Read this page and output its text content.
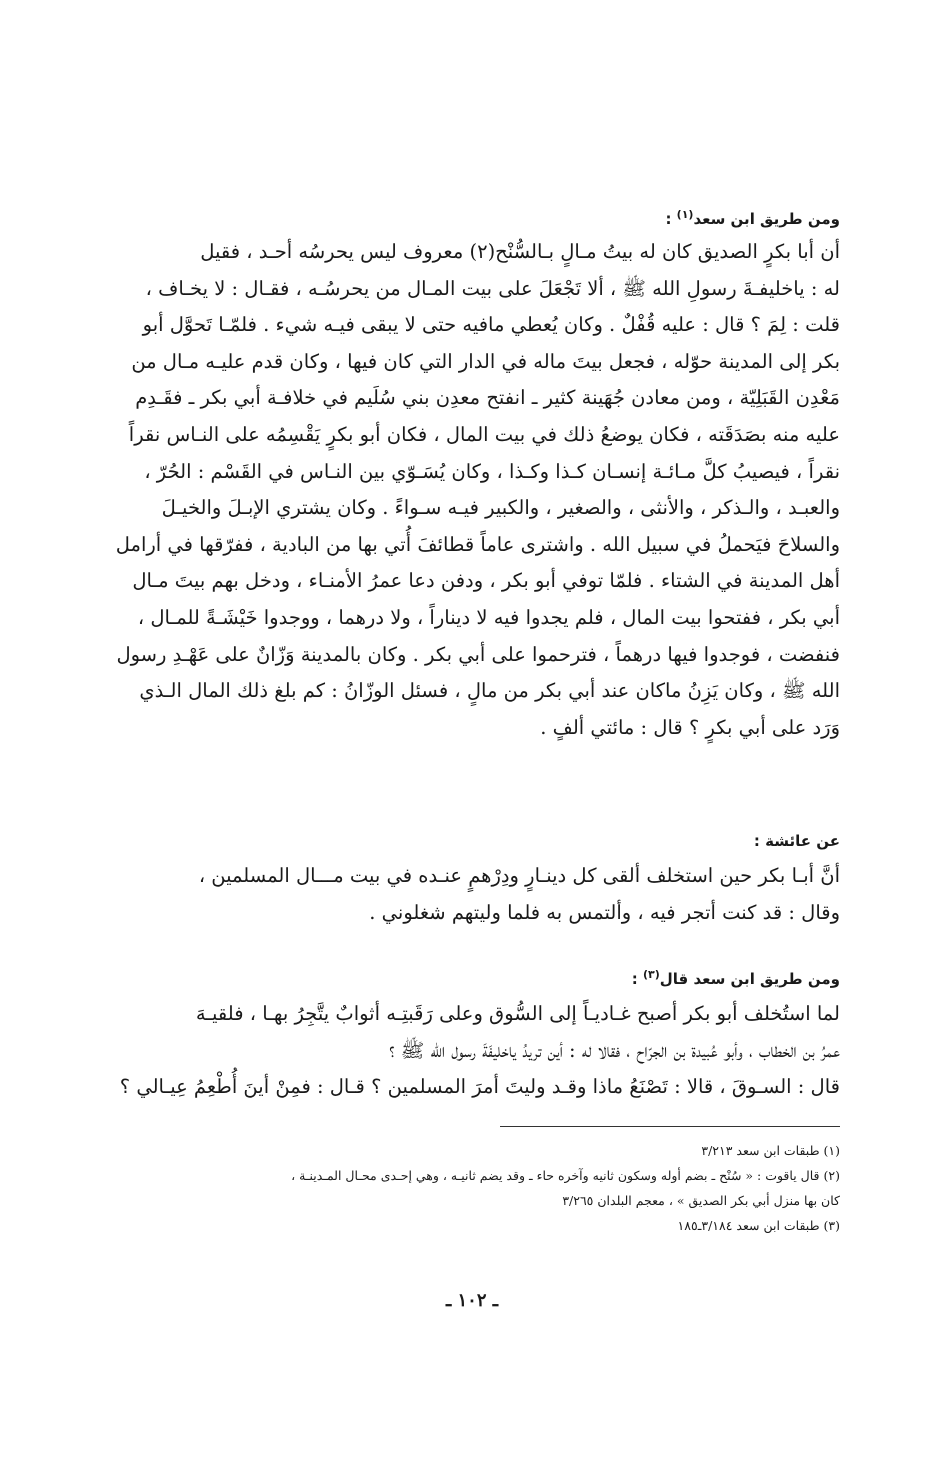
ومن طريق ابن سعد$^{(١)}$ :

أن أبا بكرٍ الصديق كان له بيتُ مـالٍ بـالسُّنْح(٢) معروف ليس يحرسُه أحـد ، فقيل

له : ياخليفـةَ رسولِ الله ﷺ ، ألا تَجْعَلَ على بيت المـال من يحرسُـه ، فقـال : لا يخـاف ،

قلت : لِمَ ؟ قال : عليه قُفْلٌ . وكان يُعطي مافيه حتى لا يبقى فيـه شيء . فلمّـا تَحوَّل أبو

بكر إلى المدينة حوّله ، فجعل بيتَ ماله في الدار التي كان فيها ، وكان قدم عليـه مـال من

مَعْدِن القَبَلِيّة ، ومن معادن جُهَينة كثير ـ انفتح معدِن بني سُلَيم في خلافـة أبي بكر ـ فقَـدِم

عليه منه بصَدَقَته ، فكان يوضعُ ذلك في بيت المال ، فكان أبو بكرٍ يَقْسِمُه على النـاس نقراً

نقراً ، فيصيبُ كلَّ مـائـة إنسـان كـذا وكـذا ، وكان يُسَـوّي بين النـاس في القَسْم : الحُرّ ،

والعبـد ، والـذكر ، والأنثى ، والصغير ، والكبير فيـه سـواءً . وكان يشتري الإبـلَ والخيـلَ

والسلاحَ فيَحملُ في سبيل الله . واشترى عاماً قطائفَ أُتي بها من البادية ، ففرّقها في أرامل

أهل المدينة في الشتاء . فلمّا توفي أبو بكر ، ودفن دعا عمرُ الأمنـاء ، ودخل بهم بيتَ مـال

أبي بكر ، ففتحوا بيت المال ، فلم يجدوا فيه لا ديناراً ، ولا درهما ، ووجدوا خَيْشَـةً للمـال ،

فنفضت ، فوجدوا فيها درهماً ، فترحموا على أبي بكر . وكان بالمدينة وَزّانٌ على عَهْـدِ رسول

الله ﷺ ، وكان يَزِنُ ماكان عند أبي بكر من مالٍ ، فسئل الوزّانُ : كم بلغ ذلك المال الـذي

وَرَد على أبي بكرٍ ؟ قال : مائتي ألفٍ .

عن عائشة :

أنَّ أبـا بكر حين استخلف ألقى كل دينـارٍ ودِرْهمٍ عنـده في بيت مـــال المسلمين ،

وقال : قد كنت أتجر فيه ، وألتمس به فلما وليتهم شغلوني .

ومن طريق ابن سعد قال$^{(٣)}$ :

لما استُخلف أبو بكر أصبح غـاديـاً إلى السُّوق وعلى رَقَبتِـه أثوابٌ يتَّجِرُ بهـا ، فلقيـهَ

عمرُ بن الخطاب ، وأبو عُبيدة بن الجرّاح ، فقالا له : أين تريدُ ياخليفَةَ رسول الله ﷺ ؟

قال : السـوقَ ، قالا : تَصْنَعُ ماذا وقـد وليتَ أمرَ المسلمين ؟ قـال : فمِنْ أينَ أُطْعِمُ عِيـالي ؟

(١) طبقات ابن سعد ٣/٢١٣
(٢) قال ياقوت : « سُنْح ـ بضم أوله وسكون ثانيه وآخره حاء ـ وقد يضم ثانيـه ، وهي إحـدى محـال المـدينـة ،
كان بها منزل أبي بكر الصديق » ، معجم البلدان ٣/٢٦٥
(٣) طبقات ابن سعد ٣/١٨٤ـ١٨٥
ـ ١٠٢ ـ
